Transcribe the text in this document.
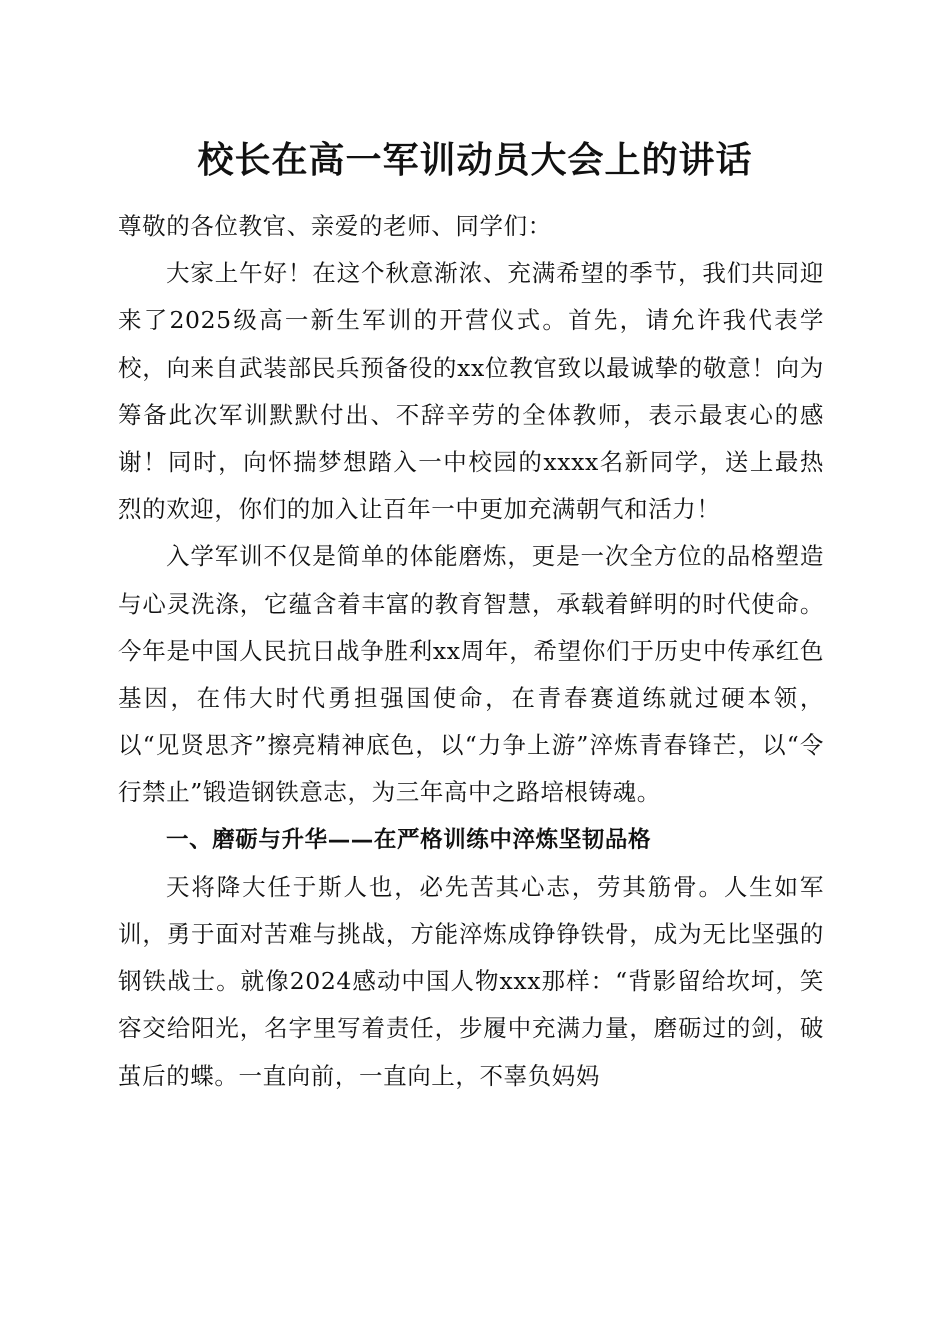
校长在高一军训动员大会上的讲话

尊敬的各位教官、亲爱的老师、同学们：

大家上午好！在这个秋意渐浓、充满希望的季节，我们共同迎来了2025级高一新生军训的开营仪式。首先，请允许我代表学校，向来自武装部民兵预备役的xx位教官致以最诚挚的敬意！向为筹备此次军训默默付出、不辞辛劳的全体教师，表示最衷心的感谢！同时，向怀揣梦想踏入一中校园的xxxx名新同学，送上最热烈的欢迎，你们的加入让百年一中更加充满朝气和活力！

入学军训不仅是简单的体能磨炼，更是一次全方位的品格塑造与心灵洗涤，它蕴含着丰富的教育智慧，承载着鲜明的时代使命。今年是中国人民抗日战争胜利xx周年，希望你们于历史中传承红色基因，在伟大时代勇担强国使命，在青春赛道练就过硬本领，以“见贤思齐”擦亮精神底色，以“力争上游”淬炼青春锋芒，以“令行禁止”锻造钢铁意志，为三年高中之路培根铸魂。

一、磨砺与升华——在严格训练中淬炼坚韧品格

天将降大任于斯人也，必先苦其心志，劳其筋骨。人生如军训，勇于面对苦难与挑战，方能淬炼成铮铮铁骨，成为无比坚强的钢铁战士。就像2024感动中国人物xxx那样：“背影留给坎坷，笑容交给阳光，名字里写着责任，步履中充满力量，磨砺过的剑，破茧后的蝶。一直向前，一直向上，不辜负妈妈
